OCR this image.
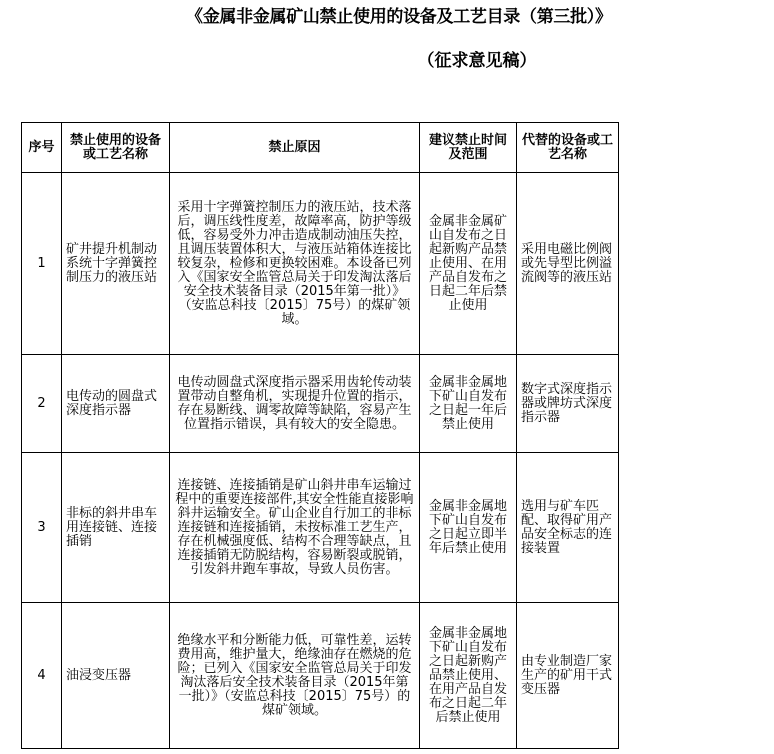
《金属非金属矿山禁止使用的设备及工艺目录（第三批）》
（征求意见稿）
序号	禁止使用的设备或工艺名称	禁止原因	建议禁止时间及范围	代替的设备或工艺名称
1	矿井提升机制动系统十字弹簧控制压力的液压站	采用十字弹簧控制压力的液压站，技术落后，调压线性度差，故障率高，防护等级低，容易受外力冲击造成制动油压失控，且调压装置体积大，与液压站箱体连接比较复杂，检修和更换较困难。本设备已列入《国家安全监管总局关于印发淘汰落后安全技术装备目录（2015年第一批）》（安监总科技〔2015〕75号）的煤矿领域。	金属非金属矿山自发布之日起新购产品禁止使用、在用产品自发布之日起二年后禁止使用	采用电磁比例阀或先导型比例溢流阀等的液压站
2	电传动的圆盘式深度指示器	电传动圆盘式深度指示器采用齿轮传动装置带动自整角机，实现提升位置的指示，存在易断线、调零故障等缺陷，容易产生位置指示错误，具有较大的安全隐患。	金属非金属地下矿山自发布之日起一年后禁止使用	数字式深度指示器或牌坊式深度指示器
3	非标的斜井串车用连接链、连接插销	连接链、连接插销是矿山斜井串车运输过程中的重要连接部件,其安全性能直接影响斜井运输安全。矿山企业自行加工的非标连接链和连接插销，未按标准工艺生产，存在机械强度低、结构不合理等缺点，且连接插销无防脱结构，容易断裂或脱销，引发斜井跑车事故，导致人员伤害。	金属非金属地下矿山自发布之日起立即半年后禁止使用	选用与矿车匹配、取得矿用产品安全标志的连接装置
4	油浸变压器	绝缘水平和分断能力低，可靠性差，运转费用高，维护量大，绝缘油存在燃烧的危险；已列入《国家安全监管总局关于印发淘汰落后安全技术装备目录（2015年第一批）》（安监总科技〔2015〕75号）的煤矿领域。	金属非金属地下矿山自发布之日起新购产品禁止使用、在用产品自发布之日起二年后禁止使用	由专业制造厂家生产的矿用干式变压器
